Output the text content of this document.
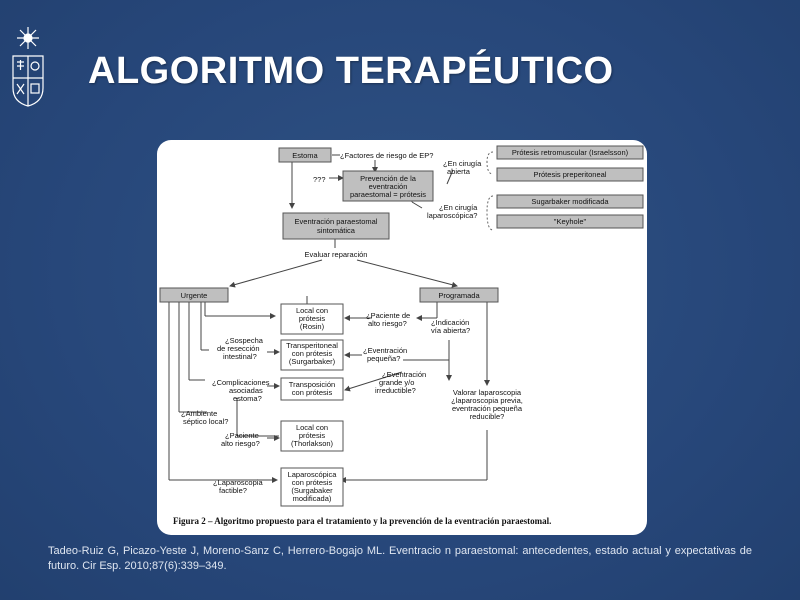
ALGORITMO TERAPÉUTICO
Estoma	¿Factores de riesgo de EP?
???	Prevención de la
eventración
paraestomal = prótesis
¿En cirugía
abierta
¿En cirugía
laparoscópica?
Prótesis retromuscular (Israelsson)
Prótesis preperitoneal
Sugarbaker modificada
"Keyhole"
Eventración paraestomal
sintomática
Evaluar reparación
Urgente	Programada
Local con
prótesis
(Rosin)
¿Paciente de
alto riesgo?	¿Indicación
vía abierta?
¿Sospecha
de resección
intestinal?
Transperitoneal
con prótesis
(Surgarbaker)
¿Eventración
pequeña?
¿Eventración
grande y/o
irreductible?
¿Complicaciones
asociadas
estoma?
Transposición
con prótesis	Valorar laparoscopia
¿laparoscopia previa,
eventración pequeña
reducible?
¿Ambiente
séptico local?
Local con
prótesis
(Thorlakson)
¿Paciente
alto riesgo?
¿Laparoscopia
factible?
Laparoscópica
con prótesis
(Surgabaker
modificada)
Figura 2 – Algoritmo propuesto para el tratamiento y la prevención de la eventración paraestomal.
Tadeo-Ruiz G, Picazo-Yeste J, Moreno-Sanz C, Herrero-Bogajo ML. Eventracio n paraestomal: antecedentes, estado actual y expectativas de futuro. Cir Esp. 2010;87(6):339–349.
